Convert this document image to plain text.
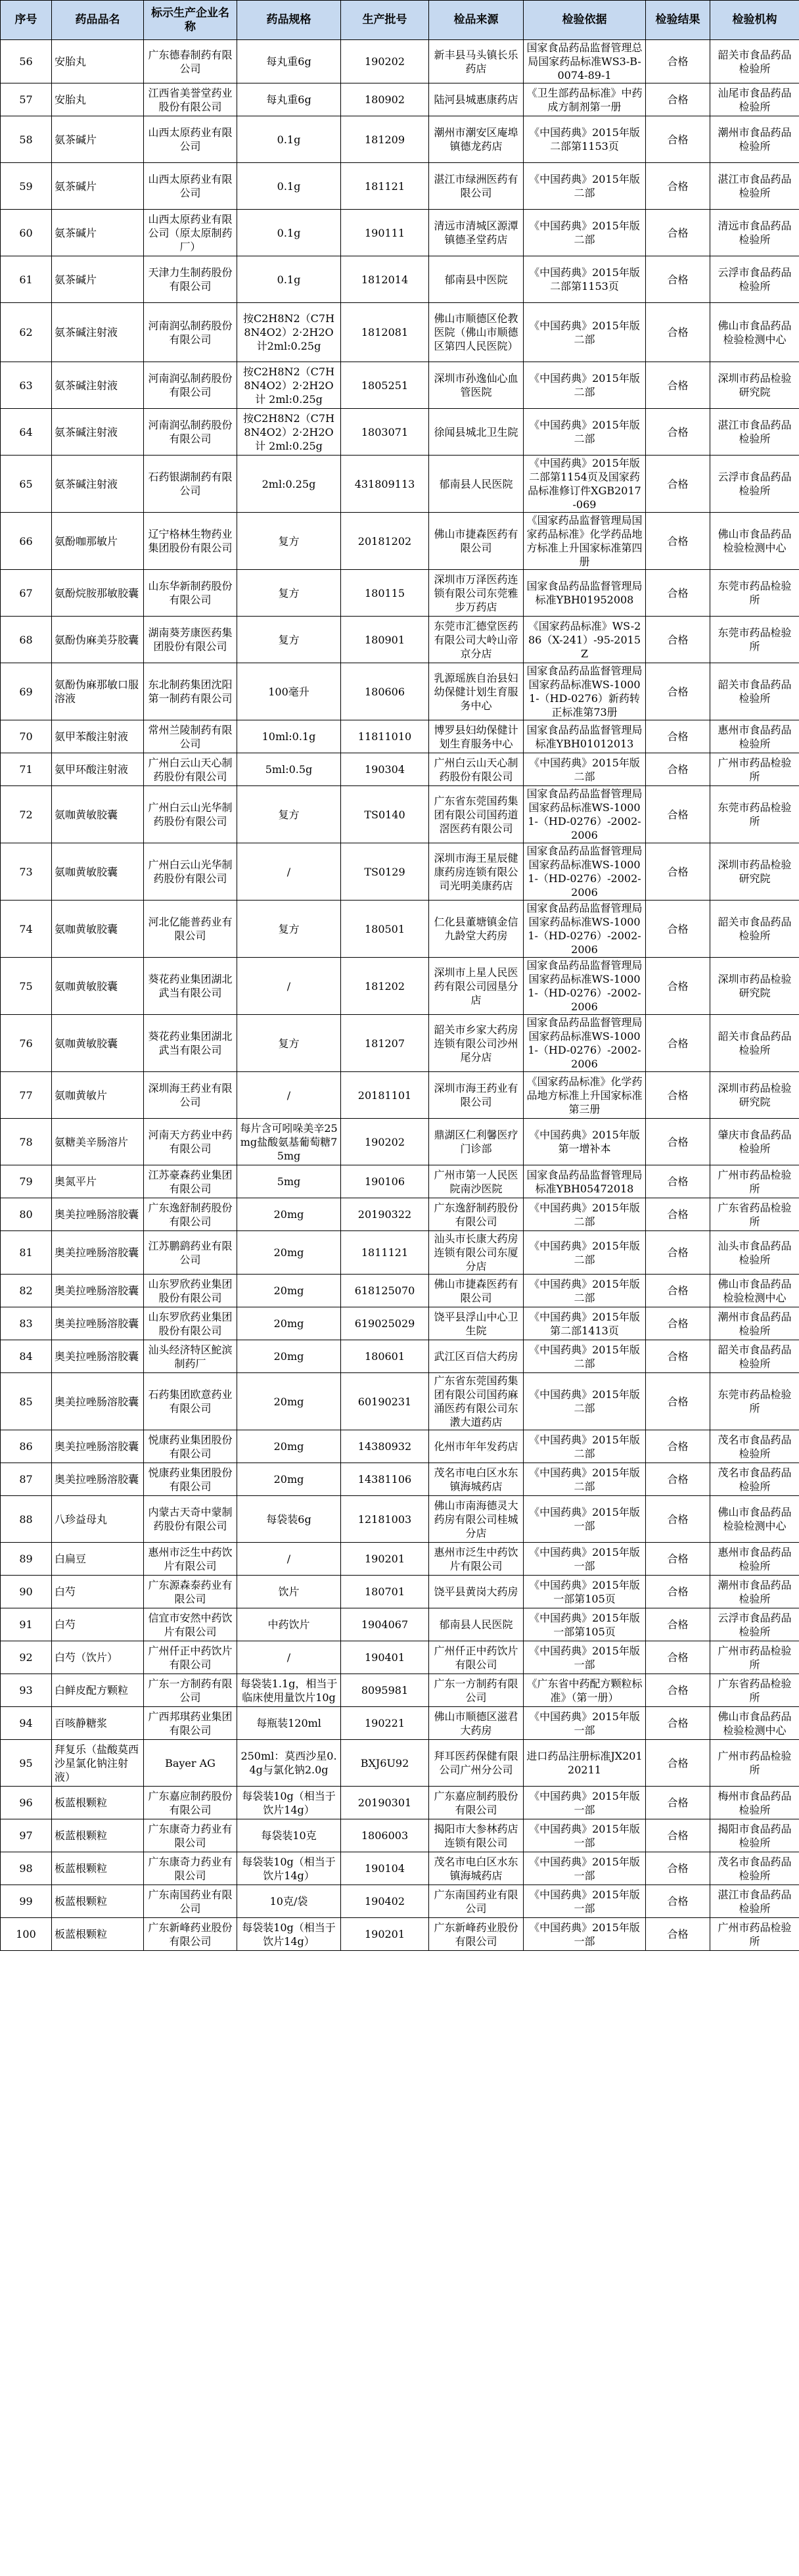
序号	药品品名	标示生产企业名称	药品规格	生产批号	检品来源	检验依据	检验结果	检验机构
56	安胎丸	广东德春制药有限公司	每丸重6g	190202	新丰县马头镇长乐药店	国家食品药品监督管理总局国家药品标准WS3-B-0074-89-1	合格	韶关市食品药品检验所
57	安胎丸	江西省美誉堂药业股份有限公司	每丸重6g	180902	陆河县城惠康药店	《卫生部药品标准》中药成方制剂第一册	合格	汕尾市食品药品检验所
58	氨茶碱片	山西太原药业有限公司	0.1g	181209	潮州市潮安区庵埠镇德龙药店	《中国药典》2015年版二部第1153页	合格	潮州市食品药品检验所
59	氨茶碱片	山西太原药业有限公司	0.1g	181121	湛江市绿洲医药有限公司	《中国药典》2015年版二部	合格	湛江市食品药品检验所
60	氨茶碱片	山西太原药业有限公司（原太原制药厂）	0.1g	190111	清远市清城区源潭镇德圣堂药店	《中国药典》2015年版二部	合格	清远市食品药品检验所
61	氨茶碱片	天津力生制药股份有限公司	0.1g	1812014	郁南县中医院	《中国药典》2015年版二部第1153页	合格	云浮市食品药品检验所
62	氨茶碱注射液	河南润弘制药股份有限公司	按C2H8N2（C7H8N4O2）2·2H2O计2ml:0.25g	1812081	佛山市顺德区伦教医院（佛山市顺德区第四人民医院）	《中国药典》2015年版二部	合格	佛山市食品药品检验检测中心
63	氨茶碱注射液	河南润弘制药股份有限公司	按C2H8N2（C7H8N4O2）2·2H2O计 2ml:0.25g	1805251	深圳市孙逸仙心血管医院	《中国药典》2015年版二部	合格	深圳市药品检验研究院
64	氨茶碱注射液	河南润弘制药股份有限公司	按C2H8N2（C7H8N4O2）2·2H2O计 2ml:0.25g	1803071	徐闻县城北卫生院	《中国药典》2015年版二部	合格	湛江市食品药品检验所
65	氨茶碱注射液	石药银湖制药有限公司	2ml:0.25g	431809113	郁南县人民医院	《中国药典》2015年版二部第1154页及国家药品标准修订件XGB2017-069	合格	云浮市食品药品检验所
66	氨酚咖那敏片	辽宁格林生物药业集团股份有限公司	复方	20181202	佛山市捷森医药有限公司	《国家药品监督管理局国家药品标准》化学药品地方标准上升国家标准第四册	合格	佛山市食品药品检验检测中心
67	氨酚烷胺那敏胶囊	山东华新制药股份有限公司	复方	180115	深圳市万泽医药连锁有限公司东莞雅步万药店	国家食品药品监督管理局标准YBH01952008	合格	东莞市药品检验所
68	氨酚伪麻美芬胶囊	湖南葵芳康医药集团股份有限公司	复方	180901	东莞市汇德堂医药有限公司大岭山帝京分店	《国家药品标准》WS-286（X-241）-95-2015Z	合格	东莞市药品检验所
69	氨酚伪麻那敏口服溶液	东北制药集团沈阳第一制药有限公司	100毫升	180606	乳源瑶族自治县妇幼保健计划生育服务中心	国家食品药品监督管理局国家药品标准WS-10001-（HD-0276）新药转正标准第73册	合格	韶关市食品药品检验所
70	氨甲苯酸注射液	常州兰陵制药有限公司	10ml:0.1g	11811010	博罗县妇幼保健计划生育服务中心	国家食品药品监督管理局标准YBH01012013	合格	惠州市食品药品检验所
71	氨甲环酸注射液	广州白云山天心制药股份有限公司	5ml:0.5g	190304	广州白云山天心制药股份有限公司	《中国药典》2015年版二部	合格	广州市药品检验所
72	氨咖黄敏胶囊	广州白云山光华制药股份有限公司	复方	TS0140	广东省东莞国药集团有限公司国药道滘医药有限公司	国家食品药品监督管理局国家药品标准WS-10001-（HD-0276）-2002-2006	合格	东莞市药品检验所
73	氨咖黄敏胶囊	广州白云山光华制药股份有限公司	/	TS0129	深圳市海王星辰健康药房连锁有限公司光明美康药店	国家食品药品监督管理局国家药品标准WS-10001-（HD-0276）-2002-2006	合格	深圳市药品检验研究院
74	氨咖黄敏胶囊	河北亿能普药业有限公司	复方	180501	仁化县董塘镇金信九龄堂大药房	国家食品药品监督管理局国家药品标准WS-10001-（HD-0276）-2002-2006	合格	韶关市食品药品检验所
75	氨咖黄敏胶囊	葵花药业集团湖北武当有限公司	/	181202	深圳市上星人民医药有限公司园垦分店	国家食品药品监督管理局国家药品标准WS-10001-（HD-0276）-2002-2006	合格	深圳市药品检验研究院
76	氨咖黄敏胶囊	葵花药业集团湖北武当有限公司	复方	181207	韶关市乡家大药房连锁有限公司沙州尾分店	国家食品药品监督管理局国家药品标准WS-10001-（HD-0276）-2002-2006	合格	韶关市食品药品检验所
77	氨咖黄敏片	深圳海王药业有限公司	/	20181101	深圳市海王药业有限公司	《国家药品标准》化学药品地方标准上升国家标准第三册	合格	深圳市药品检验研究院
78	氨糖美辛肠溶片	河南天方药业中药有限公司	每片含可吲哚美辛25mg盐酸氨基葡萄糖75mg	190202	鼎湖区仁利馨医疗门诊部	《中国药典》2015年版第一增补本	合格	肇庆市食品药品检验所
79	奥氮平片	江苏豪森药业集团有限公司	5mg	190106	广州市第一人民医院南沙医院	国家食品药品监督管理局标准YBH05472018	合格	广州市药品检验所
80	奥美拉唑肠溶胶囊	广东逸舒制药股份有限公司	20mg	20190322	广东逸舒制药股份有限公司	《中国药典》2015年版二部	合格	广东省药品检验所
81	奥美拉唑肠溶胶囊	江苏鹏鹞药业有限公司	20mg	1811121	汕头市长康大药房连锁有限公司东厦分店	《中国药典》2015年版二部	合格	汕头市食品药品检验所
82	奥美拉唑肠溶胶囊	山东罗欣药业集团股份有限公司	20mg	618125070	佛山市捷森医药有限公司	《中国药典》2015年版二部	合格	佛山市食品药品检验检测中心
83	奥美拉唑肠溶胶囊	山东罗欣药业集团股份有限公司	20mg	619025029	饶平县浮山中心卫生院	《中国药典》2015年版第二部1413页	合格	潮州市食品药品检验所
84	奥美拉唑肠溶胶囊	汕头经济特区鮀滨制药厂	20mg	180601	武江区百信大药房	《中国药典》2015年版二部	合格	韶关市食品药品检验所
85	奥美拉唑肠溶胶囊	石药集团欧意药业有限公司	20mg	60190231	广东省东莞国药集团有限公司国药麻涌医药有限公司东漖大道药店	《中国药典》2015年版二部	合格	东莞市药品检验所
86	奥美拉唑肠溶胶囊	悦康药业集团股份有限公司	20mg	14380932	化州市年年发药店	《中国药典》2015年版二部	合格	茂名市食品药品检验所
87	奥美拉唑肠溶胶囊	悦康药业集团股份有限公司	20mg	14381106	茂名市电白区水东镇海城药店	《中国药典》2015年版二部	合格	茂名市食品药品检验所
88	八珍益母丸	内蒙古天奇中蒙制药股份有限公司	每袋装6g	12181003	佛山市南海德灵大药房有限公司桂城分店	《中国药典》2015年版一部	合格	佛山市食品药品检验检测中心
89	白扁豆	惠州市泛生中药饮片有限公司	/	190201	惠州市泛生中药饮片有限公司	《中国药典》2015年版一部	合格	惠州市食品药品检验所
90	白芍	广东源森泰药业有限公司	饮片	180701	饶平县黄岗大药房	《中国药典》2015年版一部第105页	合格	潮州市食品药品检验所
91	白芍	信宜市安然中药饮片有限公司	中药饮片	1904067	郁南县人民医院	《中国药典》2015年版一部第105页	合格	云浮市食品药品检验所
92	白芍（饮片）	广州仟正中药饮片有限公司	/	190401	广州仟正中药饮片有限公司	《中国药典》2015年版一部	合格	广州市药品检验所
93	白鲜皮配方颗粒	广东一方制药有限公司	每袋装1.1g，相当于临床使用量饮片10g	8095981	广东一方制药有限公司	《广东省中药配方颗粒标准》（第一册）	合格	广东省药品检验所
94	百咳静糖浆	广西邦琪药业集团有限公司	每瓶装120ml	190221	佛山市顺德区滋君大药房	《中国药典》2015年版一部	合格	佛山市食品药品检验检测中心
95	拜复乐（盐酸莫西沙星氯化钠注射液）	Bayer AG	250ml：莫西沙星0.4g与氯化钠2.0g	BXJ6U92	拜耳医药保健有限公司广州分公司	进口药品注册标准JX20120211	合格	广州市药品检验所
96	板蓝根颗粒	广东嘉应制药股份有限公司	每袋装10g（相当于饮片14g）	20190301	广东嘉应制药股份有限公司	《中国药典》2015年版一部	合格	梅州市食品药品检验所
97	板蓝根颗粒	广东康奇力药业有限公司	每袋装10克	1806003	揭阳市大参林药店连锁有限公司	《中国药典》2015年版一部	合格	揭阳市食品药品检验所
98	板蓝根颗粒	广东康奇力药业有限公司	每袋装10g（相当于饮片14g）	190104	茂名市电白区水东镇海城药店	《中国药典》2015年版一部	合格	茂名市食品药品检验所
99	板蓝根颗粒	广东南国药业有限公司	10克/袋	190402	广东南国药业有限公司	《中国药典》2015年版一部	合格	湛江市食品药品检验所
100	板蓝根颗粒	广东新峰药业股份有限公司	每袋装10g（相当于饮片14g）	190201	广东新峰药业股份有限公司	《中国药典》2015年版一部	合格	广州市药品检验所
